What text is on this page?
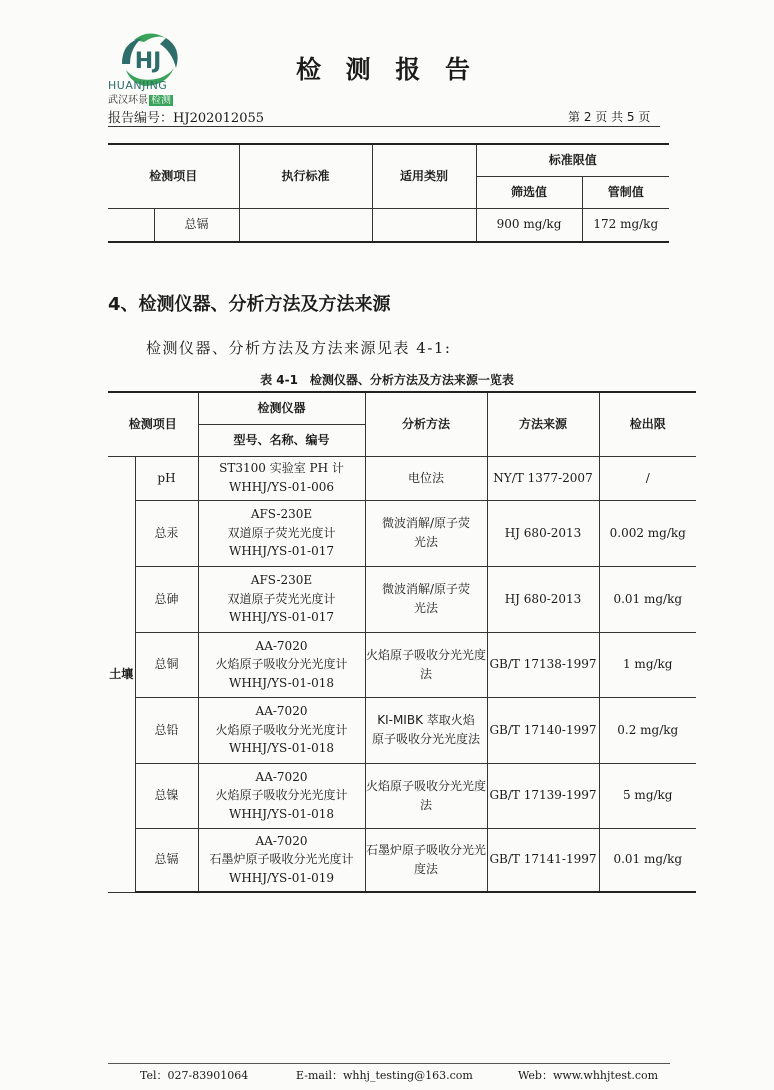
HJ
HUANJING
武汉环景 检测
检 测 报 告
报告编号：HJ202012055	第 2 页 共 5 页
检测项目		执行标准	适用类别	标准限值	
				筛选值	管制值
	总镉			900 mg/kg	172 mg/kg
4、检测仪器、分析方法及方法来源
检测仪器、分析方法及方法来源见表 4-1:
表 4-1　检测仪器、分析方法及方法来源一览表
检测项目		检测仪器	分析方法	方法来源	检出限
		型号、名称、编号			
土壤	pH	ST3100 实验室 PH 计
WHHJ/YS-01-006	电位法	NY/T 1377-2007	/
	总汞	AFS-230E
双道原子荧光光度计
WHHJ/YS-01-017	微波消解/原子荧光法	HJ 680-2013	0.002 mg/kg
	总砷	AFS-230E
双道原子荧光光度计
WHHJ/YS-01-017	微波消解/原子荧光法	HJ 680-2013	0.01 mg/kg
	总铜	AA-7020
火焰原子吸收分光光度计
WHHJ/YS-01-018	火焰原子吸收分光光度法	GB/T 17138-1997	1 mg/kg
	总铅	AA-7020
火焰原子吸收分光光度计
WHHJ/YS-01-018	KI-MIBK 萃取火焰原子吸收分光光度法	GB/T 17140-1997	0.2 mg/kg
	总镍	AA-7020
火焰原子吸收分光光度计
WHHJ/YS-01-018	火焰原子吸收分光光度法	GB/T 17139-1997	5 mg/kg
	总镉	AA-7020
石墨炉原子吸收分光光度计
WHHJ/YS-01-019	石墨炉原子吸收分光光度法	GB/T 17141-1997	0.01 mg/kg
Tel：027-83901064	E-mail：whhj_testing@163.com	Web：www.whhjtest.com
